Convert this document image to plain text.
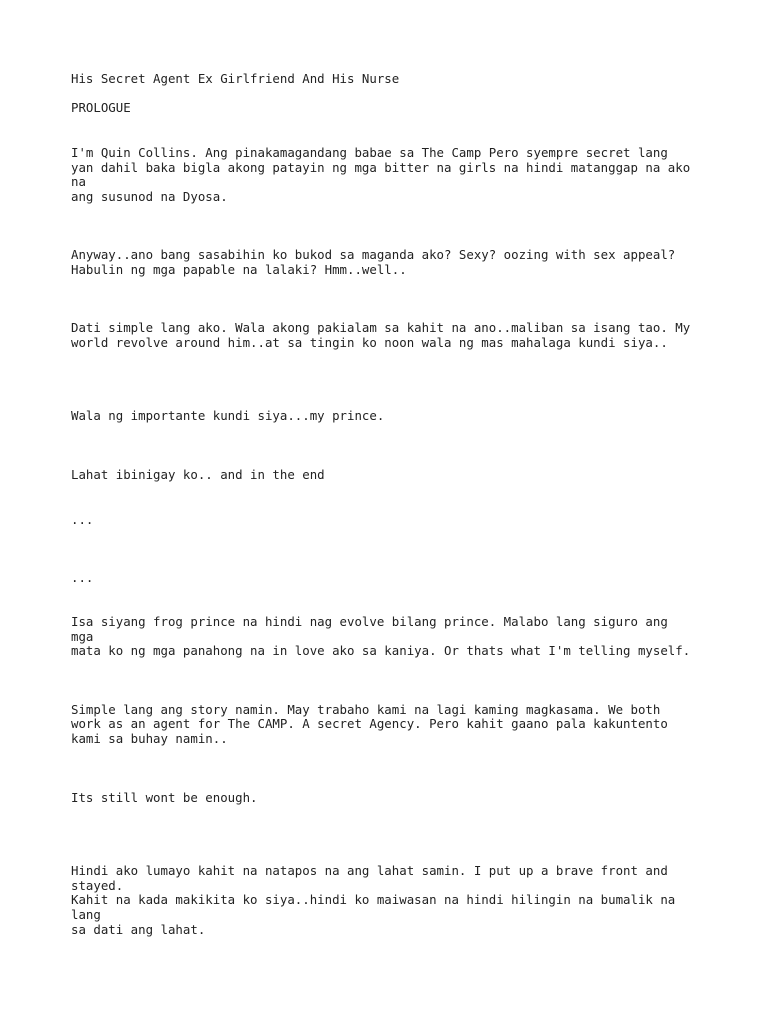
His Secret Agent Ex Girlfriend And His Nurse
PROLOGUE
I'm Quin Collins. Ang pinakamagandang babae sa The Camp Pero syempre secret lang
yan dahil baka bigla akong patayin ng mga bitter na girls na hindi matanggap na ako
na
ang susunod na Dyosa.
Anyway..ano bang sasabihin ko bukod sa maganda ako? Sexy? oozing with sex appeal?
Habulin ng mga papable na lalaki? Hmm..well..
Dati simple lang ako. Wala akong pakialam sa kahit na ano..maliban sa isang tao. My
world revolve around him..at sa tingin ko noon wala ng mas mahalaga kundi siya..
Wala ng importante kundi siya...my prince.
Lahat ibinigay ko.. and in the end
...
...
Isa siyang frog prince na hindi nag evolve bilang prince. Malabo lang siguro ang
mga
mata ko ng mga panahong na in love ako sa kaniya. Or thats what I'm telling myself.
Simple lang ang story namin. May trabaho kami na lagi kaming magkasama. We both
work as an agent for The CAMP. A secret Agency. Pero kahit gaano pala kakuntento
kami sa buhay namin..
Its still wont be enough.
Hindi ako lumayo kahit na natapos na ang lahat samin. I put up a brave front and
stayed.
Kahit na kada makikita ko siya..hindi ko maiwasan na hindi hilingin na bumalik na
lang
sa dati ang lahat.
